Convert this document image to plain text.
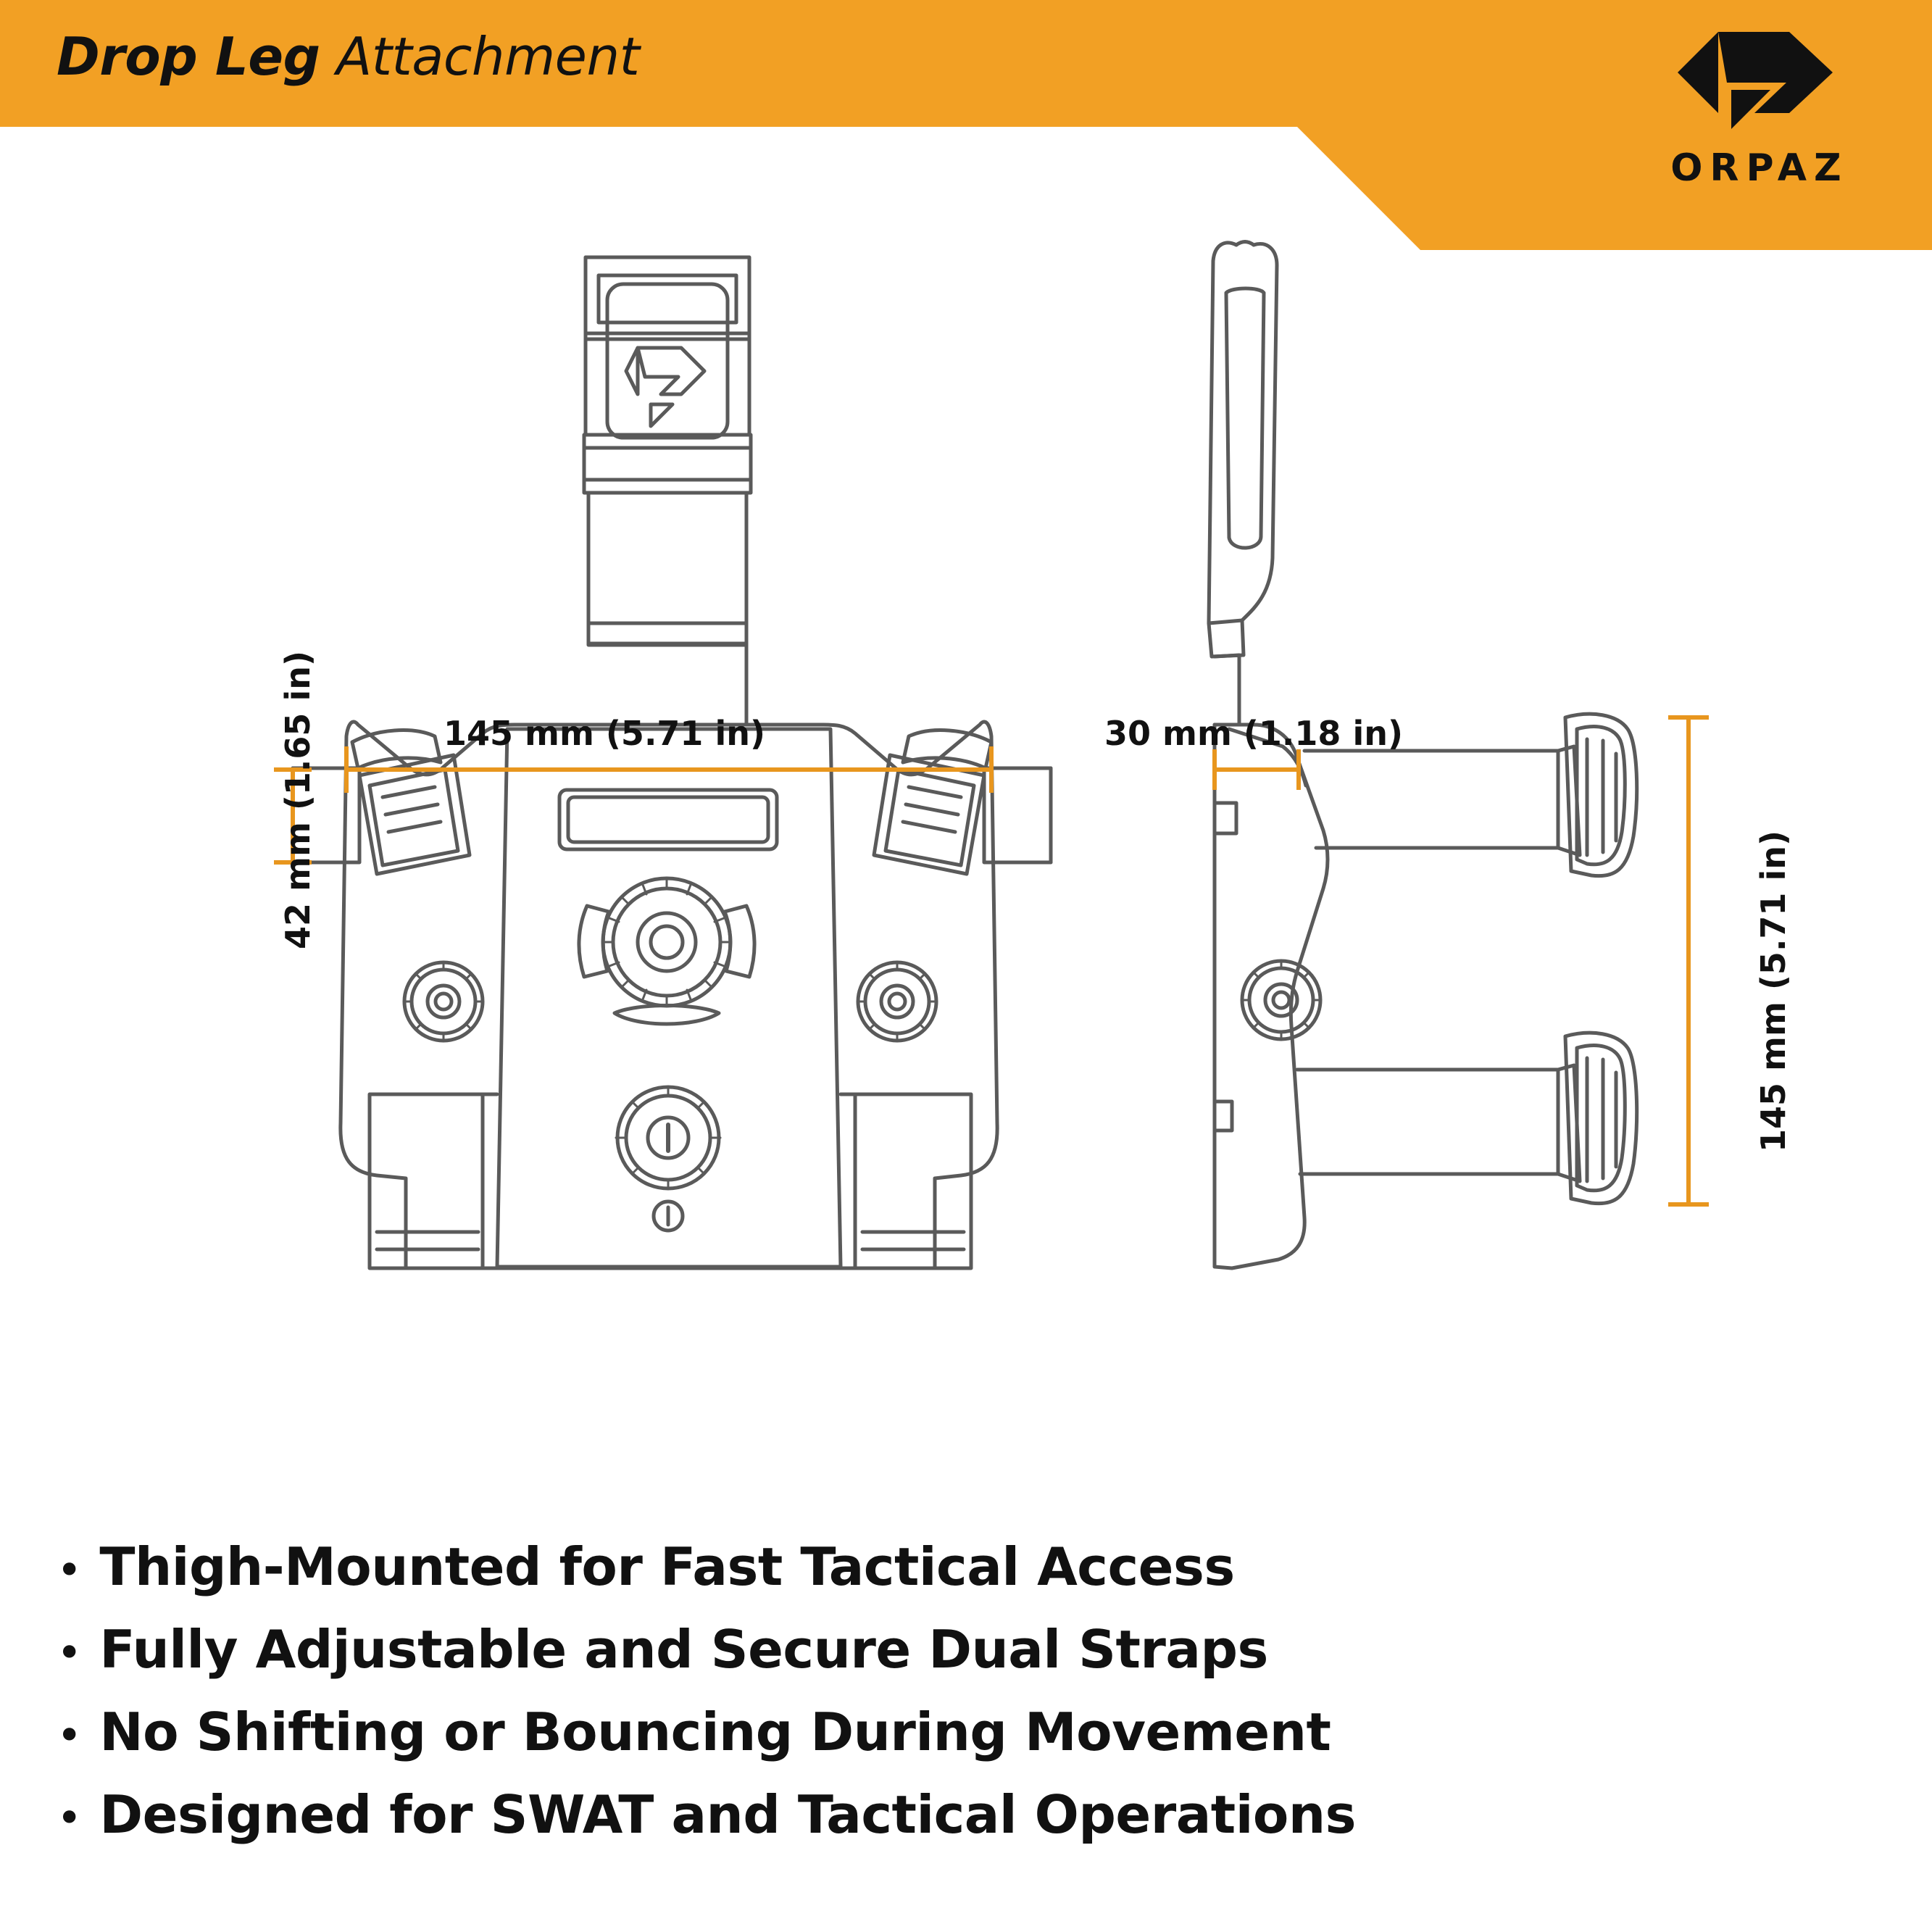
Drop Leg Attachment
ORPAZ
145 mm (5.71 in)
42 mm (1.65 in)	30 mm (1.18 in)
145 mm (5.71 in)
• Thigh-Mounted for Fast Tactical Access
• Fully Adjustable and Secure Dual Straps
• No Shifting or Bouncing During Movement
• Designed for SWAT and Tactical Operations
